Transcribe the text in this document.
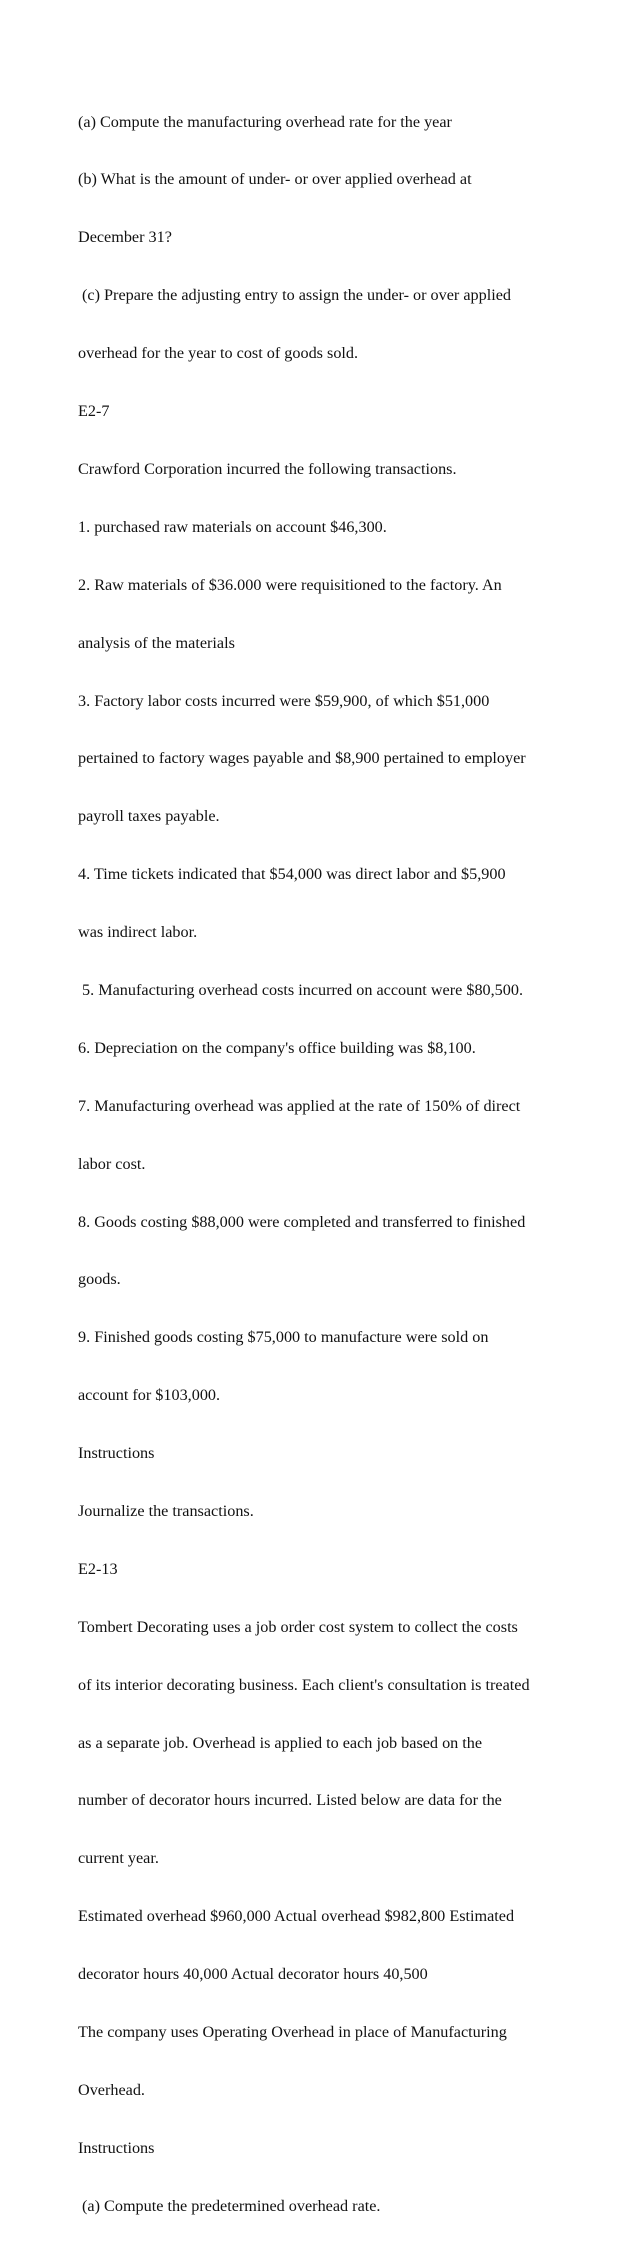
(a) Compute the manufacturing overhead rate for the year

(b) What is the amount of under- or over applied overhead at

December 31?

(c) Prepare the adjusting entry to assign the under- or over applied

overhead for the year to cost of goods sold.

E2-7

Crawford Corporation incurred the following transactions.

1. purchased raw materials on account $46,300.

2. Raw materials of $36.000 were requisitioned to the factory. An

analysis of the materials

3. Factory labor costs incurred were $59,900, of which $51,000

pertained to factory wages payable and $8,900 pertained to employer

payroll taxes payable.

4. Time tickets indicated that $54,000 was direct labor and $5,900

was indirect labor.

5. Manufacturing overhead costs incurred on account were $80,500.

6. Depreciation on the company's office building was $8,100.

7. Manufacturing overhead was applied at the rate of 150% of direct

labor cost.

8. Goods costing $88,000 were completed and transferred to finished

goods.

9. Finished goods costing $75,000 to manufacture were sold on

account for $103,000.

Instructions

Journalize the transactions.

E2-13

Tombert Decorating uses a job order cost system to collect the costs

of its interior decorating business. Each client's consultation is treated

as a separate job. Overhead is applied to each job based on the

number of decorator hours incurred. Listed below are data for the

current year.

Estimated overhead $960,000 Actual overhead $982,800 Estimated

decorator hours 40,000 Actual decorator hours 40,500

The company uses Operating Overhead in place of Manufacturing

Overhead.

Instructions

(a) Compute the predetermined overhead rate.
